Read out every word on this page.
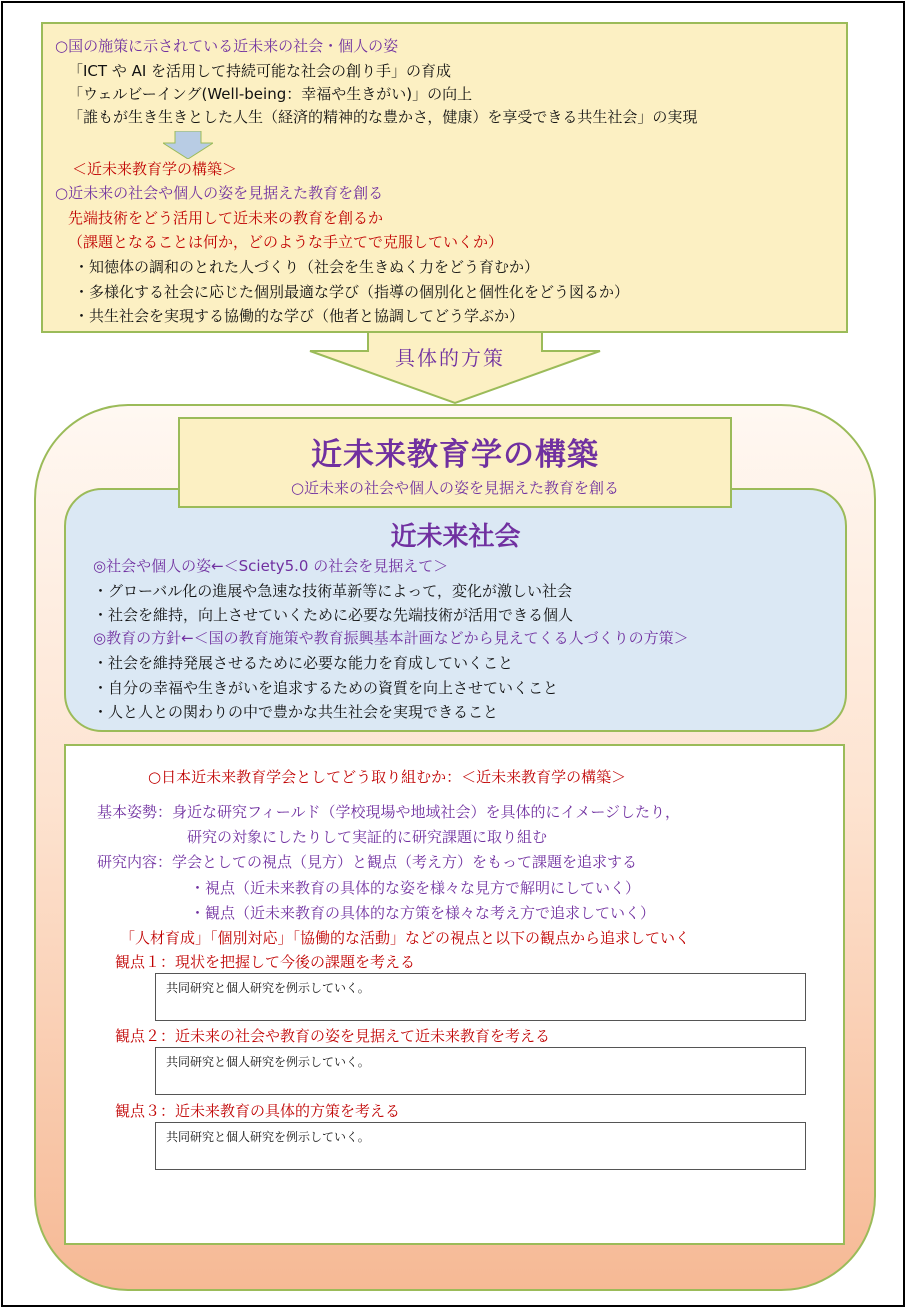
○国の施策に示されている近未来の社会・個人の姿
「ICT や AI を活用して持続可能な社会の創り手」の育成
「ウェルビーイング(Well-being：幸福や生きがい)」の向上
「誰もが生き生きとした人生（経済的精神的な豊かさ，健康）を享受できる共生社会」の実現
＜近未来教育学の構築＞
○近未来の社会や個人の姿を見据えた教育を創る
先端技術をどう活用して近未来の教育を創るか
（課題となることは何か，どのような手立てで克服していくか）
・知徳体の調和のとれた人づくり（社会を生きぬく力をどう育むか）
・多様化する社会に応じた個別最適な学び（指導の個別化と個性化をどう図るか）
・共生社会を実現する協働的な学び（他者と協調してどう学ぶか）
具体的方策
近未来社会
近未来教育学の構築
○近未来の社会や個人の姿を見据えた教育を創る
◎社会や個人の姿←＜Sciety5.0 の社会を見据えて＞
・グローバル化の進展や急速な技術革新等によって，変化が激しい社会
・社会を維持，向上させていくために必要な先端技術が活用できる個人
◎教育の方針←＜国の教育施策や教育振興基本計画などから見えてくる人づくりの方策＞
・社会を維持発展させるために必要な能力を育成していくこと
・自分の幸福や生きがいを追求するための資質を向上させていくこと
・人と人との関わりの中で豊かな共生社会を実現できること
○日本近未来教育学会としてどう取り組むか：＜近未来教育学の構築＞
基本姿勢：身近な研究フィールド（学校現場や地域社会）を具体的にイメージしたり，
研究の対象にしたりして実証的に研究課題に取り組む
研究内容：学会としての視点（見方）と観点（考え方）をもって課題を追求する
・視点（近未来教育の具体的な姿を様々な見方で解明にしていく）
・観点（近未来教育の具体的な方策を様々な考え方で追求していく）
「人材育成」「個別対応」「協働的な活動」などの視点と以下の観点から追求していく
観点１：現状を把握して今後の課題を考える
共同研究と個人研究を例示していく。
観点２：近未来の社会や教育の姿を見据えて近未来教育を考える
共同研究と個人研究を例示していく。
観点３：近未来教育の具体的方策を考える
共同研究と個人研究を例示していく。
